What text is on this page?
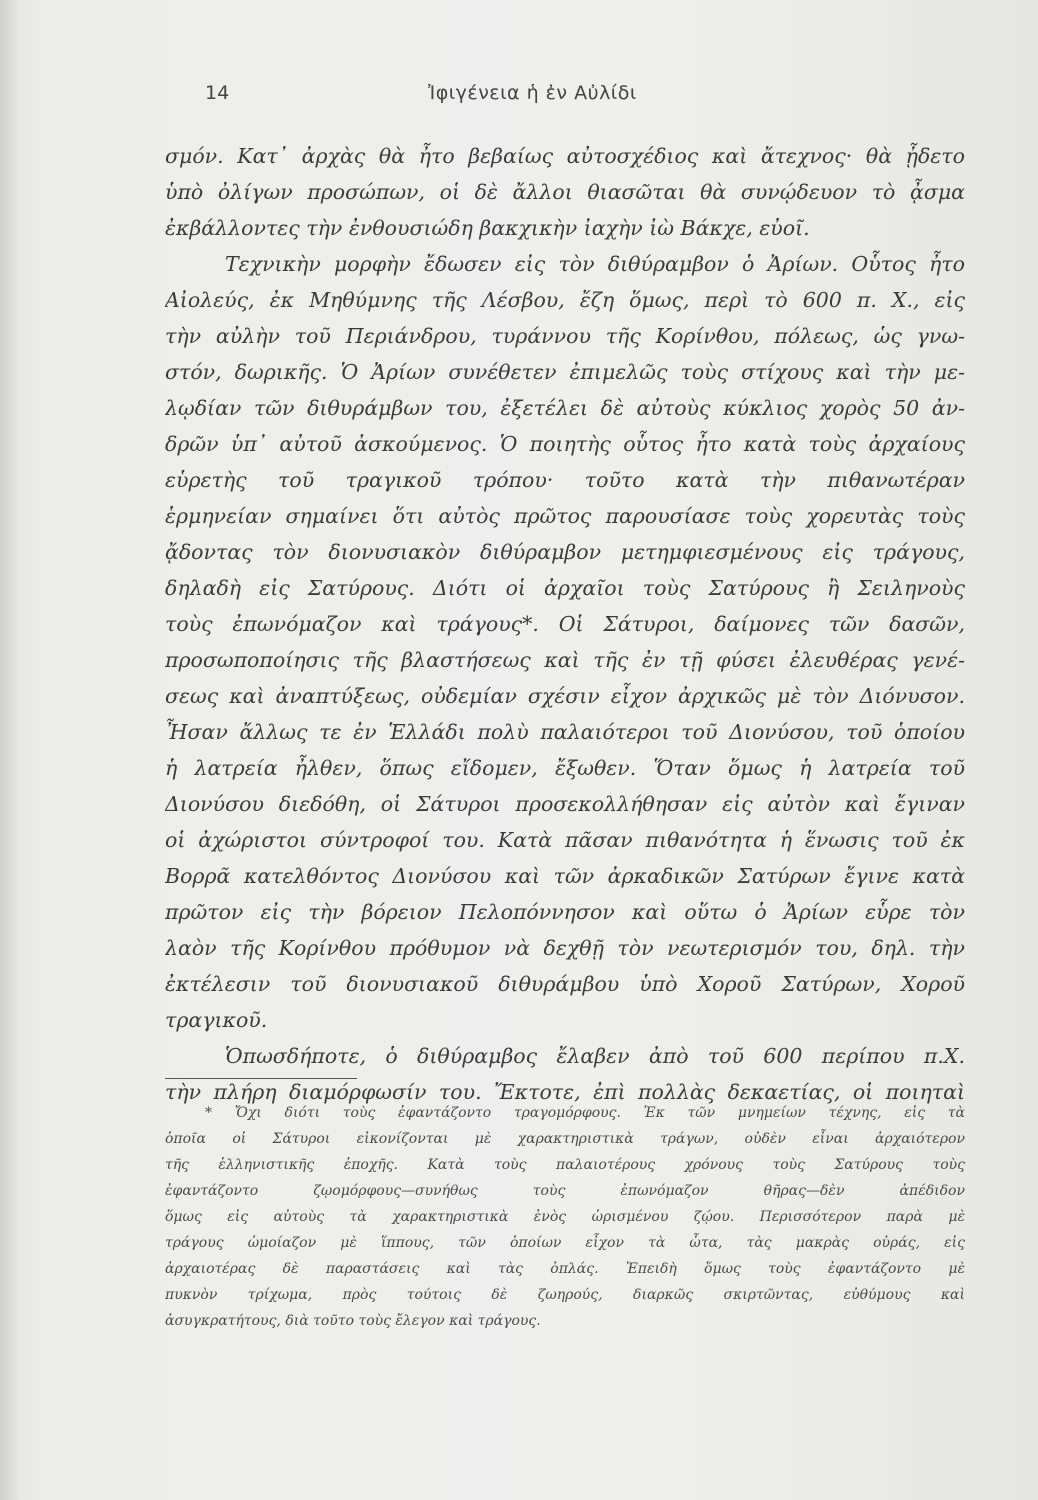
14	Ἰφιγένεια ἡ ἐν Αὐλίδι
σμόν. Κατ᾽ ἀρχὰς θὰ ἦτο βεβαίως αὐτοσχέδιος καὶ ἄτεχνος· θὰ ᾖδετο
ὑπὸ ὀλίγων προσώπων, οἱ δὲ ἄλλοι θιασῶται θὰ συνῴδευον τὸ ᾆσμα
ἐκβάλλοντες τὴν ἐνθουσιώδη βακχικὴν ἰαχὴν ἰὼ Βάκχε, εὐοῖ.
Τεχνικὴν μορφὴν ἔδωσεν εἰς τὸν διθύραμβον ὁ Ἀρίων. Οὗτος ἦτο
Αἰολεύς, ἐκ Μηθύμνης τῆς Λέσβου, ἔζη ὅμως, περὶ τὸ 600 π. Χ., εἰς
τὴν αὐλὴν τοῦ Περιάνδρου, τυράννου τῆς Κορίνθου, πόλεως, ὡς γνω-
στόν, δωρικῆς. Ὁ Ἀρίων συνέθετεν ἐπιμελῶς τοὺς στίχους καὶ τὴν με-
λῳδίαν τῶν διθυράμβων του, ἐξετέλει δὲ αὐτοὺς κύκλιος χορὸς 50 ἀν-
δρῶν ὑπ᾽ αὐτοῦ ἀσκούμενος. Ὁ ποιητὴς οὗτος ἦτο κατὰ τοὺς ἀρχαίους
εὑρετὴς τοῦ τραγικοῦ τρόπου· τοῦτο κατὰ τὴν πιθανωτέραν
ἑρμηνείαν σημαίνει ὅτι αὐτὸς πρῶτος παρουσίασε τοὺς χορευτὰς τοὺς
ᾄδοντας τὸν διονυσιακὸν διθύραμβον μετημφιεσμένους εἰς τράγους,
δηλαδὴ εἰς Σατύρους. Διότι οἱ ἀρχαῖοι τοὺς Σατύρους ἢ Σειληνοὺς
τοὺς ἐπωνόμαζον καὶ τράγους*. Οἱ Σάτυροι, δαίμονες τῶν δασῶν,
προσωποποίησις τῆς βλαστήσεως καὶ τῆς ἐν τῇ φύσει ἐλευθέρας γενέ-
σεως καὶ ἀναπτύξεως, οὐδεμίαν σχέσιν εἶχον ἀρχικῶς μὲ τὸν Διόνυσον.
Ἦσαν ἄλλως τε ἐν Ἑλλάδι πολὺ παλαιότεροι τοῦ Διονύσου, τοῦ ὁποίου
ἡ λατρεία ἦλθεν, ὅπως εἴδομεν, ἔξωθεν. Ὅταν ὅμως ἡ λατρεία τοῦ
Διονύσου διεδόθη, οἱ Σάτυροι προσεκολλήθησαν εἰς αὐτὸν καὶ ἔγιναν
οἱ ἀχώριστοι σύντροφοί του. Κατὰ πᾶσαν πιθανότητα ἡ ἕνωσις τοῦ ἐκ
Βορρᾶ κατελθόντος Διονύσου καὶ τῶν ἀρκαδικῶν Σατύρων ἔγινε κατὰ
πρῶτον εἰς τὴν βόρειον Πελοπόννησον καὶ οὕτω ὁ Ἀρίων εὗρε τὸν
λαὸν τῆς Κορίνθου πρόθυμον νὰ δεχθῇ τὸν νεωτερισμόν του, δηλ. τὴν
ἐκτέλεσιν τοῦ διονυσιακοῦ διθυράμβου ὑπὸ Χοροῦ Σατύρων, Χοροῦ
τραγικοῦ.
Ὁπωσδήποτε, ὁ διθύραμβος ἔλαβεν ἀπὸ τοῦ 600 περίπου π.Χ.
τὴν πλήρη διαμόρφωσίν του. Ἔκτοτε, ἐπὶ πολλὰς δεκαετίας, οἱ ποιηταὶ
* Ὄχι διότι τοὺς ἐφαντάζοντο τραγομόρφους. Ἐκ τῶν μνημείων τέχνης, εἰς τὰ
ὁποῖα οἱ Σάτυροι εἰκονίζονται μὲ χαρακτηριστικὰ τράγων, οὐδὲν εἶναι ἀρχαιότερον
τῆς ἑλληνιστικῆς ἐποχῆς. Κατὰ τοὺς παλαιοτέρους χρόνους τοὺς Σατύρους τοὺς
ἐφαντάζοντο ζῳομόρφους—συνήθως τοὺς ἐπωνόμαζον θῆρας—δὲν ἀπέδιδον
ὅμως εἰς αὐτοὺς τὰ χαρακτηριστικὰ ἑνὸς ὡρισμένου ζῴου. Περισσότερον παρὰ μὲ
τράγους ὡμοίαζον μὲ ἵππους, τῶν ὁποίων εἶχον τὰ ὦτα, τὰς μακρὰς οὐράς, εἰς
ἀρχαιοτέρας δὲ παραστάσεις καὶ τὰς ὁπλάς. Ἐπειδὴ ὅμως τοὺς ἐφαντάζοντο μὲ
πυκνὸν τρίχωμα, πρὸς τούτοις δὲ ζωηρούς, διαρκῶς σκιρτῶντας, εὐθύμους καὶ
ἀσυγκρατήτους, διὰ τοῦτο τοὺς ἔλεγον καὶ τράγους.
